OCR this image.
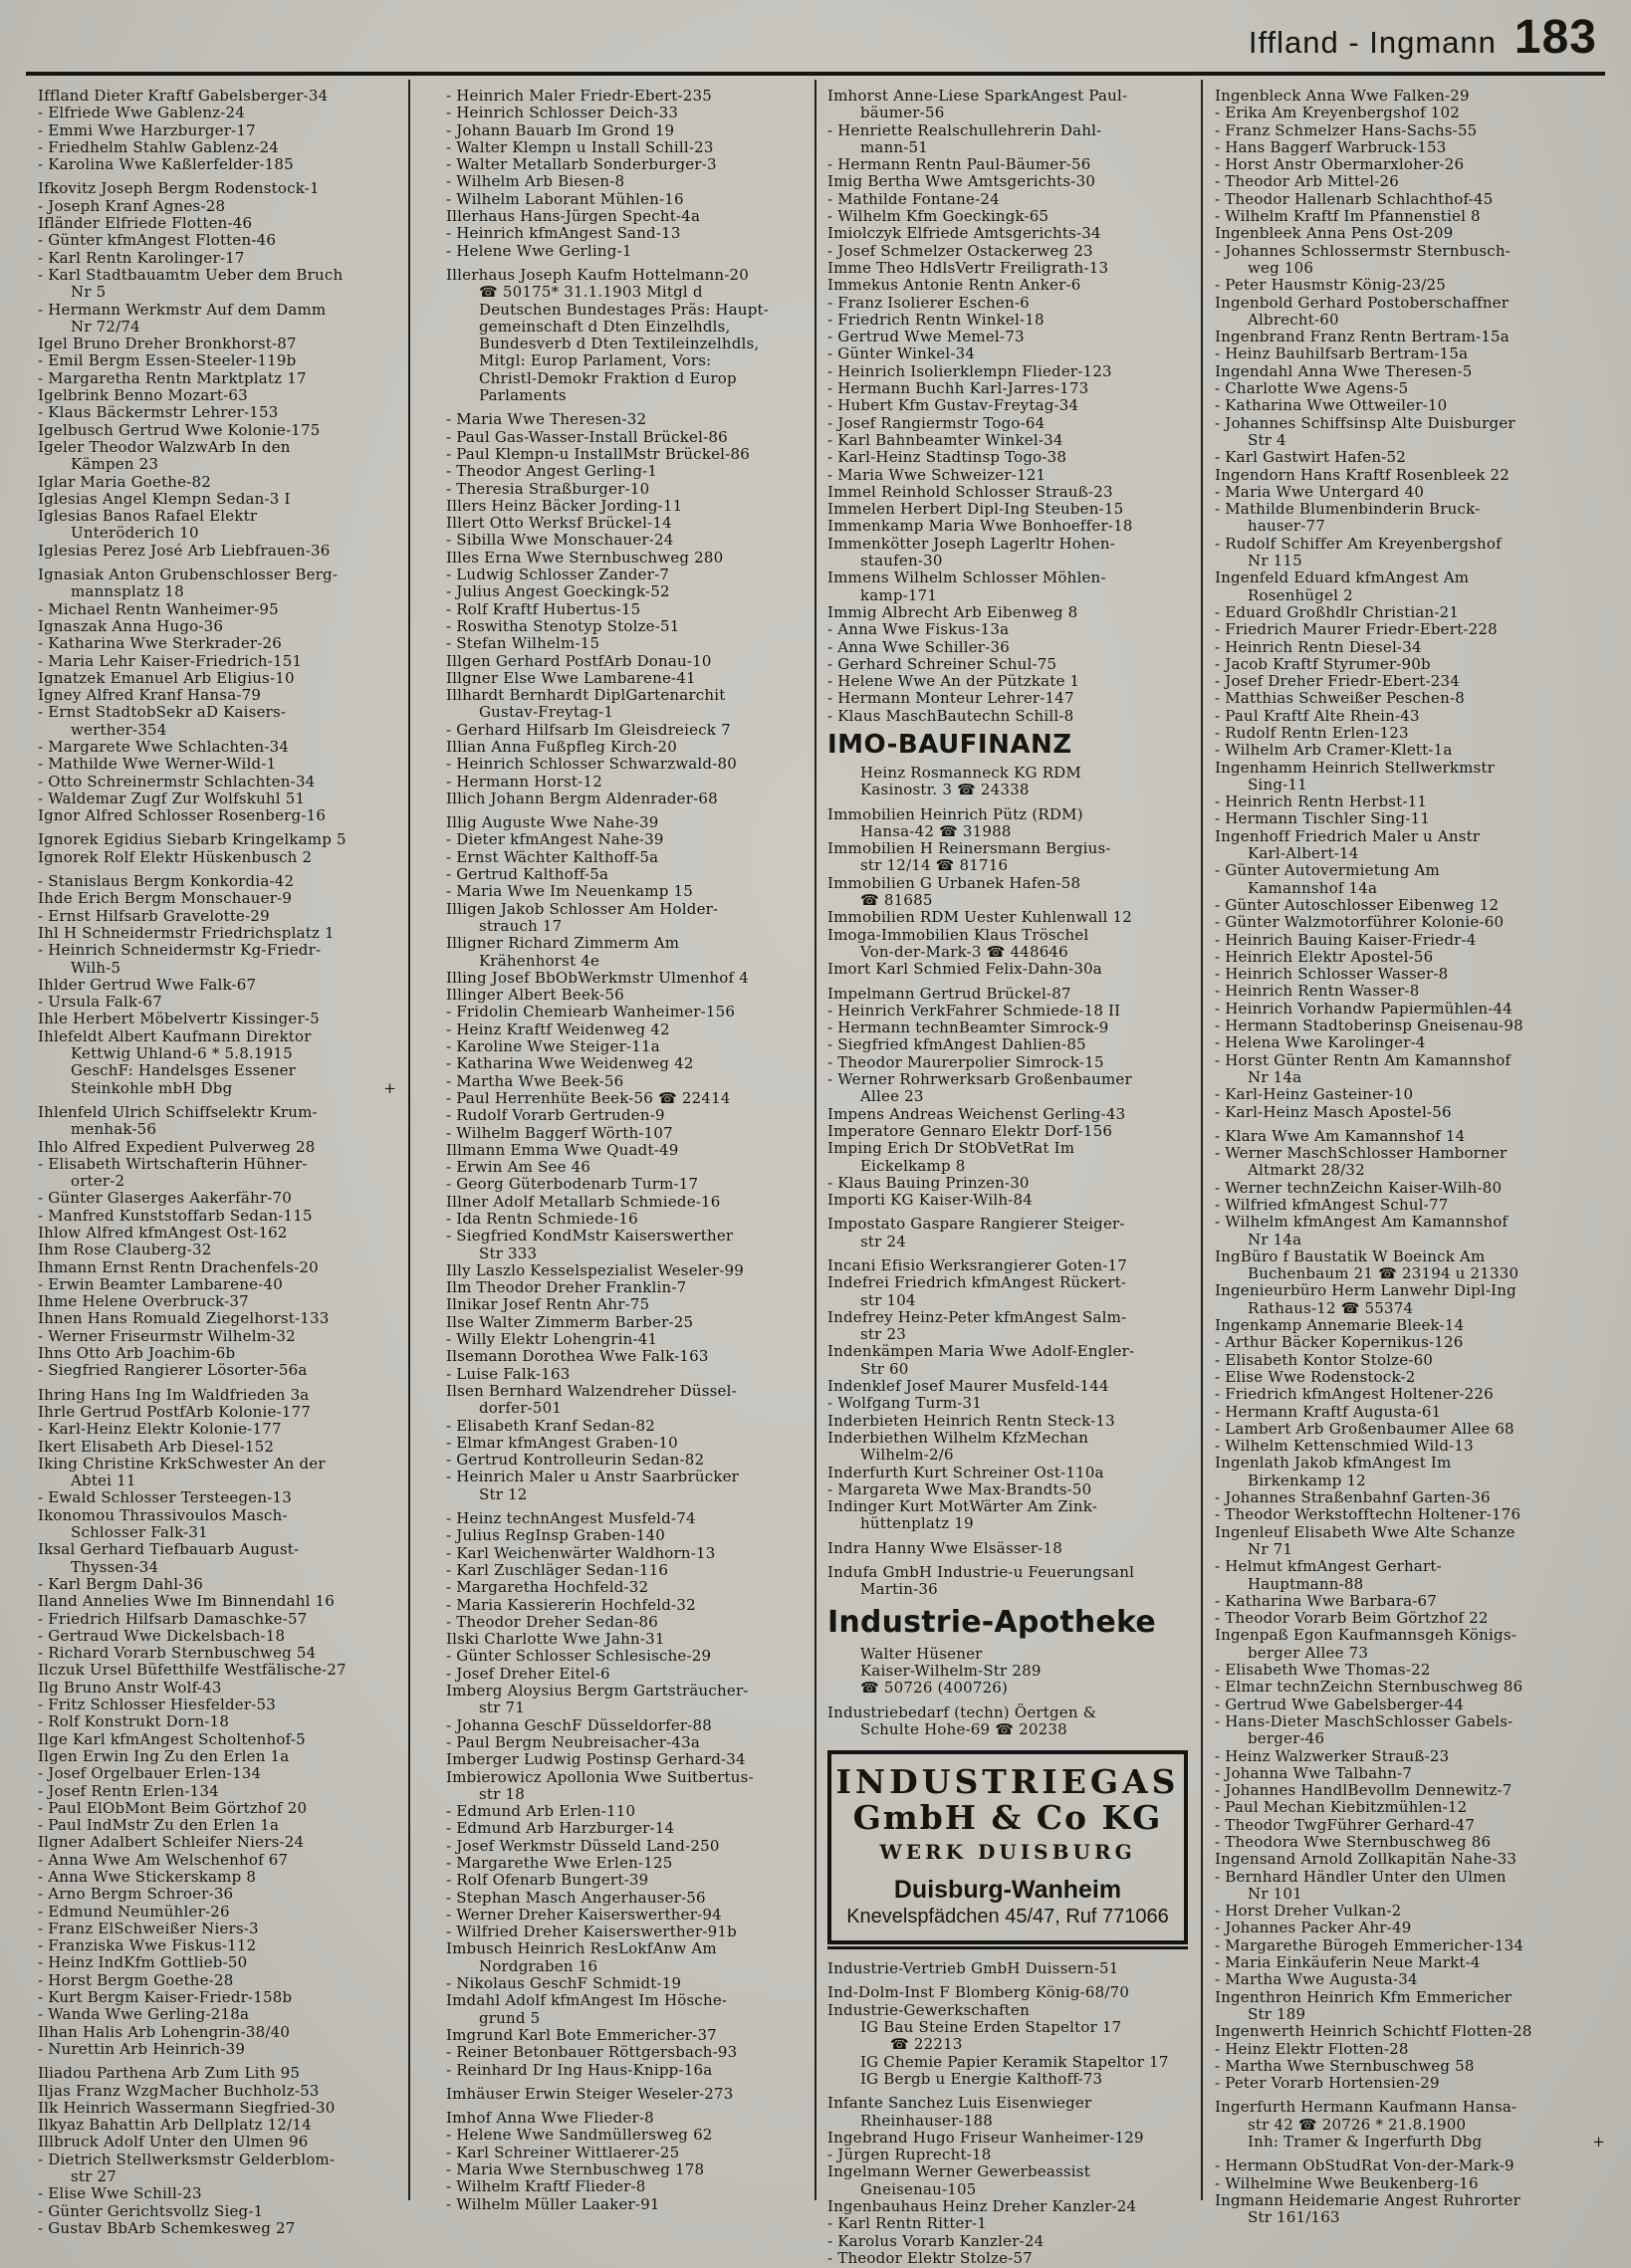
Iffland - Ingmann 183
Iffland Dieter Kraftf Gabelsberger-34
- Elfriede Wwe Gablenz-24
- Emmi Wwe Harzburger-17
- Friedhelm Stahlw Gablenz-24
- Karolina Wwe Kaßlerfelder-185
Ifkovitz Joseph Bergm Rodenstock-1
- Joseph Kranf Agnes-28
Ifländer Elfriede Flotten-46
- Günter kfmAngest Flotten-46
- Karl Rentn Karolinger-17
- Karl Stadtbauamtm Ueber dem Bruch
Nr 5
- Hermann Werkmstr Auf dem Damm
Nr 72/74
Igel Bruno Dreher Bronkhorst-87
- Emil Bergm Essen-Steeler-119b
- Margaretha Rentn Marktplatz 17
Igelbrink Benno Mozart-63
- Klaus Bäckermstr Lehrer-153
Igelbusch Gertrud Wwe Kolonie-175
Igeler Theodor WalzwArb In den
Kämpen 23
Iglar Maria Goethe-82
Iglesias Angel Klempn Sedan-3 I
Iglesias Banos Rafael Elektr
Unteröderich 10
Iglesias Perez José Arb Liebfrauen-36
Ignasiak Anton Grubenschlosser Berg-
mannsplatz 18
- Michael Rentn Wanheimer-95
Ignaszak Anna Hugo-36
- Katharina Wwe Sterkrader-26
- Maria Lehr Kaiser-Friedrich-151
Ignatzek Emanuel Arb Eligius-10
Igney Alfred Kranf Hansa-79
- Ernst StadtobSekr aD Kaisers-
werther-354
- Margarete Wwe Schlachten-34
- Mathilde Wwe Werner-Wild-1
- Otto Schreinermstr Schlachten-34
- Waldemar Zugf Zur Wolfskuhl 51
Ignor Alfred Schlosser Rosenberg-16
Ignorek Egidius Siebarb Kringelkamp 5
Ignorek Rolf Elektr Hüskenbusch 2
- Stanislaus Bergm Konkordia-42
Ihde Erich Bergm Monschauer-9
- Ernst Hilfsarb Gravelotte-29
Ihl H Schneidermstr Friedrichsplatz 1
- Heinrich Schneidermstr Kg-Friedr-
Wilh-5
Ihlder Gertrud Wwe Falk-67
- Ursula Falk-67
Ihle Herbert Möbelvertr Kissinger-5
Ihlefeldt Albert Kaufmann Direktor
Kettwig Uhland-6 * 5.8.1915
GeschF: Handelsges Essener
Steinkohle mbH Dbg	+
Ihlenfeld Ulrich Schiffselektr Krum-
menhak-56
Ihlo Alfred Expedient Pulverweg 28
- Elisabeth Wirtschafterin Hühner-
orter-2
- Günter Glaserges Aakerfähr-70
- Manfred Kunststoffarb Sedan-115
Ihlow Alfred kfmAngest Ost-162
Ihm Rose Clauberg-32
Ihmann Ernst Rentn Drachenfels-20
- Erwin Beamter Lambarene-40
Ihme Helene Overbruck-37
Ihnen Hans Romuald Ziegelhorst-133
- Werner Friseurmstr Wilhelm-32
Ihns Otto Arb Joachim-6b
- Siegfried Rangierer Lösorter-56a
Ihring Hans Ing Im Waldfrieden 3a
Ihrle Gertrud PostfArb Kolonie-177
- Karl-Heinz Elektr Kolonie-177
Ikert Elisabeth Arb Diesel-152
Iking Christine KrkSchwester An der
Abtei 11
- Ewald Schlosser Tersteegen-13
Ikonomou Thrassivoulos Masch-
Schlosser Falk-31
Iksal Gerhard Tiefbauarb August-
Thyssen-34
- Karl Bergm Dahl-36
Iland Annelies Wwe Im Binnendahl 16
- Friedrich Hilfsarb Damaschke-57
- Gertraud Wwe Dickelsbach-18
- Richard Vorarb Sternbuschweg 54
Ilczuk Ursel Büfetthilfe Westfälische-27
Ilg Bruno Anstr Wolf-43
- Fritz Schlosser Hiesfelder-53
- Rolf Konstrukt Dorn-18
Ilge Karl kfmAngest Scholtenhof-5
Ilgen Erwin Ing Zu den Erlen 1a
- Josef Orgelbauer Erlen-134
- Josef Rentn Erlen-134
- Paul ElObMont Beim Görtzhof 20
- Paul IndMstr Zu den Erlen 1a
Ilgner Adalbert Schleifer Niers-24
- Anna Wwe Am Welschenhof 67
- Anna Wwe Stickerskamp 8
- Arno Bergm Schroer-36
- Edmund Neumühler-26
- Franz ElSchweißer Niers-3
- Franziska Wwe Fiskus-112
- Heinz IndKfm Gottlieb-50
- Horst Bergm Goethe-28
- Kurt Bergm Kaiser-Friedr-158b
- Wanda Wwe Gerling-218a
Ilhan Halis Arb Lohengrin-38/40
- Nurettin Arb Heinrich-39
Iliadou Parthena Arb Zum Lith 95
Iljas Franz WzgMacher Buchholz-53
Ilk Heinrich Wassermann Siegfried-30
Ilkyaz Bahattin Arb Dellplatz 12/14
Illbruck Adolf Unter den Ulmen 96
- Dietrich Stellwerksmstr Gelderblom-
str 27
- Elise Wwe Schill-23
- Günter Gerichtsvollz Sieg-1
- Gustav BbArb Schemkesweg 27
- Heinrich Maler Friedr-Ebert-235
- Heinrich Schlosser Deich-33
- Johann Bauarb Im Grond 19
- Walter Klempn u Install Schill-23
- Walter Metallarb Sonderburger-3
- Wilhelm Arb Biesen-8
- Wilhelm Laborant Mühlen-16
Illerhaus Hans-Jürgen Specht-4a
- Heinrich kfmAngest Sand-13
- Helene Wwe Gerling-1
Illerhaus Joseph Kaufm Hottelmann-20
☎ 50175* 31.1.1903 Mitgl d
Deutschen Bundestages Präs: Haupt-
gemeinschaft d Dten Einzelhdls,
Bundesverb d Dten Textileinzelhdls,
Mitgl: Europ Parlament, Vors:
Christl-Demokr Fraktion d Europ
Parlaments
- Maria Wwe Theresen-32
- Paul Gas-Wasser-Install Brückel-86
- Paul Klempn-u InstallMstr Brückel-86
- Theodor Angest Gerling-1
- Theresia Straßburger-10
Illers Heinz Bäcker Jording-11
Illert Otto Werksf Brückel-14
- Sibilla Wwe Monschauer-24
Illes Erna Wwe Sternbuschweg 280
- Ludwig Schlosser Zander-7
- Julius Angest Goeckingk-52
- Rolf Kraftf Hubertus-15
- Roswitha Stenotyp Stolze-51
- Stefan Wilhelm-15
Illgen Gerhard PostfArb Donau-10
Illgner Else Wwe Lambarene-41
Illhardt Bernhardt DiplGartenarchit
Gustav-Freytag-1
- Gerhard Hilfsarb Im Gleisdreieck 7
Illian Anna Fußpfleg Kirch-20
- Heinrich Schlosser Schwarzwald-80
- Hermann Horst-12
Illich Johann Bergm Aldenrader-68
Illig Auguste Wwe Nahe-39
- Dieter kfmAngest Nahe-39
- Ernst Wächter Kalthoff-5a
- Gertrud Kalthoff-5a
- Maria Wwe Im Neuenkamp 15
Illigen Jakob Schlosser Am Holder-
strauch 17
Illigner Richard Zimmerm Am
Krähenhorst 4e
Illing Josef BbObWerkmstr Ulmenhof 4
Illinger Albert Beek-56
- Fridolin Chemiearb Wanheimer-156
- Heinz Kraftf Weidenweg 42
- Karoline Wwe Steiger-11a
- Katharina Wwe Weidenweg 42
- Martha Wwe Beek-56
- Paul Herrenhüte Beek-56 ☎ 22414
- Rudolf Vorarb Gertruden-9
- Wilhelm Baggerf Wörth-107
Illmann Emma Wwe Quadt-49
- Erwin Am See 46
- Georg Güterbodenarb Turm-17
Illner Adolf Metallarb Schmiede-16
- Ida Rentn Schmiede-16
- Siegfried KondMstr Kaiserswerther
Str 333
Illy Laszlo Kesselspezialist Weseler-99
Ilm Theodor Dreher Franklin-7
Ilnikar Josef Rentn Ahr-75
Ilse Walter Zimmerm Barber-25
- Willy Elektr Lohengrin-41
Ilsemann Dorothea Wwe Falk-163
- Luise Falk-163
Ilsen Bernhard Walzendreher Düssel-
dorfer-501
- Elisabeth Kranf Sedan-82
- Elmar kfmAngest Graben-10
- Gertrud Kontrolleurin Sedan-82
- Heinrich Maler u Anstr Saarbrücker
Str 12
- Heinz technAngest Musfeld-74
- Julius RegInsp Graben-140
- Karl Weichenwärter Waldhorn-13
- Karl Zuschläger Sedan-116
- Margaretha Hochfeld-32
- Maria Kassiererin Hochfeld-32
- Theodor Dreher Sedan-86
Ilski Charlotte Wwe Jahn-31
- Günter Schlosser Schlesische-29
- Josef Dreher Eitel-6
Imberg Aloysius Bergm Gartsträucher-
str 71
- Johanna GeschF Düsseldorfer-88
- Paul Bergm Neubreisacher-43a
Imberger Ludwig Postinsp Gerhard-34
Imbierowicz Apollonia Wwe Suitbertus-
str 18
- Edmund Arb Erlen-110
- Edmund Arb Harzburger-14
- Josef Werkmstr Düsseld Land-250
- Margarethe Wwe Erlen-125
- Rolf Ofenarb Bungert-39
- Stephan Masch Angerhauser-56
- Werner Dreher Kaiserswerther-94
- Wilfried Dreher Kaiserswerther-91b
Imbusch Heinrich ResLokfAnw Am
Nordgraben 16
- Nikolaus GeschF Schmidt-19
Imdahl Adolf kfmAngest Im Hösche-
grund 5
Imgrund Karl Bote Emmericher-37
- Reiner Betonbauer Röttgersbach-93
- Reinhard Dr Ing Haus-Knipp-16a
Imhäuser Erwin Steiger Weseler-273
Imhof Anna Wwe Flieder-8
- Helene Wwe Sandmüllersweg 62
- Karl Schreiner Wittlaerer-25
- Maria Wwe Sternbuschweg 178
- Wilhelm Kraftf Flieder-8
- Wilhelm Müller Laaker-91
Imhorst Anne-Liese SparkAngest Paul-
bäumer-56
- Henriette Realschullehrerin Dahl-
mann-51
- Hermann Rentn Paul-Bäumer-56
Imig Bertha Wwe Amtsgerichts-30
- Mathilde Fontane-24
- Wilhelm Kfm Goeckingk-65
Imiolczyk Elfriede Amtsgerichts-34
- Josef Schmelzer Ostackerweg 23
Imme Theo HdlsVertr Freiligrath-13
Immekus Antonie Rentn Anker-6
- Franz Isolierer Eschen-6
- Friedrich Rentn Winkel-18
- Gertrud Wwe Memel-73
- Günter Winkel-34
- Heinrich Isolierklempn Flieder-123
- Hermann Buchh Karl-Jarres-173
- Hubert Kfm Gustav-Freytag-34
- Josef Rangiermstr Togo-64
- Karl Bahnbeamter Winkel-34
- Karl-Heinz Stadtinsp Togo-38
- Maria Wwe Schweizer-121
Immel Reinhold Schlosser Strauß-23
Immelen Herbert Dipl-Ing Steuben-15
Immenkamp Maria Wwe Bonhoeffer-18
Immenkötter Joseph Lagerltr Hohen-
staufen-30
Immens Wilhelm Schlosser Möhlen-
kamp-171
Immig Albrecht Arb Eibenweg 8
- Anna Wwe Fiskus-13a
- Anna Wwe Schiller-36
- Gerhard Schreiner Schul-75
- Helene Wwe An der Pützkate 1
- Hermann Monteur Lehrer-147
- Klaus MaschBautechn Schill-8
IMO-BAUFINANZ
Heinz Rosmanneck KG RDM
Kasinostr. 3 ☎ 24338
Immobilien Heinrich Pütz (RDM)
Hansa-42 ☎ 31988
Immobilien H Reinersmann Bergius-
str 12/14 ☎ 81716
Immobilien G Urbanek Hafen-58
☎ 81685
Immobilien RDM Uester Kuhlenwall 12
Imoga-Immobilien Klaus Tröschel
Von-der-Mark-3 ☎ 448646
Imort Karl Schmied Felix-Dahn-30a
Impelmann Gertrud Brückel-87
- Heinrich VerkFahrer Schmiede-18 II
- Hermann technBeamter Simrock-9
- Siegfried kfmAngest Dahlien-85
- Theodor Maurerpolier Simrock-15
- Werner Rohrwerksarb Großenbaumer
Allee 23
Impens Andreas Weichenst Gerling-43
Imperatore Gennaro Elektr Dorf-156
Imping Erich Dr StObVetRat Im
Eickelkamp 8
- Klaus Bauing Prinzen-30
Importi KG Kaiser-Wilh-84
Impostato Gaspare Rangierer Steiger-
str 24
Incani Efisio Werksrangierer Goten-17
Indefrei Friedrich kfmAngest Rückert-
str 104
Indefrey Heinz-Peter kfmAngest Salm-
str 23
Indenkämpen Maria Wwe Adolf-Engler-
Str 60
Indenklef Josef Maurer Musfeld-144
- Wolfgang Turm-31
Inderbieten Heinrich Rentn Steck-13
Inderbiethen Wilhelm KfzMechan
Wilhelm-2/6
Inderfurth Kurt Schreiner Ost-110a
- Margareta Wwe Max-Brandts-50
Indinger Kurt MotWärter Am Zink-
hüttenplatz 19
Indra Hanny Wwe Elsässer-18
Indufa GmbH Industrie-u Feuerungsanl
Martin-36
Industrie-Apotheke
Walter Hüsener
Kaiser-Wilhelm-Str 289
☎ 50726 (400726)
Industriebedarf (techn) Öertgen &
Schulte Hohe-69 ☎ 20238
INDUSTRIEGAS
GmbH & Co KG
WERK DUISBURG
Duisburg-Wanheim
Knevelspfädchen 45/47, Ruf 771066
Industrie-Vertrieb GmbH Duissern-51
Ind-Dolm-Inst F Blomberg König-68/70
Industrie-Gewerkschaften
IG Bau Steine Erden Stapeltor 17
☎ 22213
IG Chemie Papier Keramik Stapeltor 17
IG Bergb u Energie Kalthoff-73
Infante Sanchez Luis Eisenwieger
Rheinhauser-188
Ingebrand Hugo Friseur Wanheimer-129
- Jürgen Ruprecht-18
Ingelmann Werner Gewerbeassist
Gneisenau-105
Ingenbauhaus Heinz Dreher Kanzler-24
- Karl Rentn Ritter-1
- Karolus Vorarb Kanzler-24
- Theodor Elektr Stolze-57
Ingenbleck Anna Wwe Falken-29
- Erika Am Kreyenbergshof 102
- Franz Schmelzer Hans-Sachs-55
- Hans Baggerf Warbruck-153
- Horst Anstr Obermarxloher-26
- Theodor Arb Mittel-26
- Theodor Hallenarb Schlachthof-45
- Wilhelm Kraftf Im Pfannenstiel 8
Ingenbleek Anna Pens Ost-209
- Johannes Schlossermstr Sternbusch-
weg 106
- Peter Hausmstr König-23/25
Ingenbold Gerhard Postoberschaffner
Albrecht-60
Ingenbrand Franz Rentn Bertram-15a
- Heinz Bauhilfsarb Bertram-15a
Ingendahl Anna Wwe Theresen-5
- Charlotte Wwe Agens-5
- Katharina Wwe Ottweiler-10
- Johannes Schiffsinsp Alte Duisburger
Str 4
- Karl Gastwirt Hafen-52
Ingendorn Hans Kraftf Rosenbleek 22
- Maria Wwe Untergard 40
- Mathilde Blumenbinderin Bruck-
hauser-77
- Rudolf Schiffer Am Kreyenbergshof
Nr 115
Ingenfeld Eduard kfmAngest Am
Rosenhügel 2
- Eduard Großhdlr Christian-21
- Friedrich Maurer Friedr-Ebert-228
- Heinrich Rentn Diesel-34
- Jacob Kraftf Styrumer-90b
- Josef Dreher Friedr-Ebert-234
- Matthias Schweißer Peschen-8
- Paul Kraftf Alte Rhein-43
- Rudolf Rentn Erlen-123
- Wilhelm Arb Cramer-Klett-1a
Ingenhamm Heinrich Stellwerkmstr
Sing-11
- Heinrich Rentn Herbst-11
- Hermann Tischler Sing-11
Ingenhoff Friedrich Maler u Anstr
Karl-Albert-14
- Günter Autovermietung Am
Kamannshof 14a
- Günter Autoschlosser Eibenweg 12
- Günter Walzmotorführer Kolonie-60
- Heinrich Bauing Kaiser-Friedr-4
- Heinrich Elektr Apostel-56
- Heinrich Schlosser Wasser-8
- Heinrich Rentn Wasser-8
- Heinrich Vorhandw Papiermühlen-44
- Hermann Stadtoberinsp Gneisenau-98
- Helena Wwe Karolinger-4
- Horst Günter Rentn Am Kamannshof
Nr 14a
- Karl-Heinz Gasteiner-10
- Karl-Heinz Masch Apostel-56
- Klara Wwe Am Kamannshof 14
- Werner MaschSchlosser Hamborner
Altmarkt 28/32
- Werner technZeichn Kaiser-Wilh-80
- Wilfried kfmAngest Schul-77
- Wilhelm kfmAngest Am Kamannshof
Nr 14a
IngBüro f Baustatik W Boeinck Am
Buchenbaum 21 ☎ 23194 u 21330
Ingenieurbüro Herm Lanwehr Dipl-Ing
Rathaus-12 ☎ 55374
Ingenkamp Annemarie Bleek-14
- Arthur Bäcker Kopernikus-126
- Elisabeth Kontor Stolze-60
- Elise Wwe Rodenstock-2
- Friedrich kfmAngest Holtener-226
- Hermann Kraftf Augusta-61
- Lambert Arb Großenbaumer Allee 68
- Wilhelm Kettenschmied Wild-13
Ingenlath Jakob kfmAngest Im
Birkenkamp 12
- Johannes Straßenbahnf Garten-36
- Theodor Werkstofftechn Holtener-176
Ingenleuf Elisabeth Wwe Alte Schanze
Nr 71
- Helmut kfmAngest Gerhart-
Hauptmann-88
- Katharina Wwe Barbara-67
- Theodor Vorarb Beim Görtzhof 22
Ingenpaß Egon Kaufmannsgeh Königs-
berger Allee 73
- Elisabeth Wwe Thomas-22
- Elmar technZeichn Sternbuschweg 86
- Gertrud Wwe Gabelsberger-44
- Hans-Dieter MaschSchlosser Gabels-
berger-46
- Heinz Walzwerker Strauß-23
- Johanna Wwe Talbahn-7
- Johannes HandlBevollm Dennewitz-7
- Paul Mechan Kiebitzmühlen-12
- Theodor TwgFührer Gerhard-47
- Theodora Wwe Sternbuschweg 86
Ingensand Arnold Zollkapitän Nahe-33
- Bernhard Händler Unter den Ulmen
Nr 101
- Horst Dreher Vulkan-2
- Johannes Packer Ahr-49
- Margarethe Bürogeh Emmericher-134
- Maria Einkäuferin Neue Markt-4
- Martha Wwe Augusta-34
Ingenthron Heinrich Kfm Emmericher
Str 189
Ingenwerth Heinrich Schichtf Flotten-28
- Heinz Elektr Flotten-28
- Martha Wwe Sternbuschweg 58
- Peter Vorarb Hortensien-29
Ingerfurth Hermann Kaufmann Hansa-
str 42 ☎ 20726 * 21.8.1900
Inh: Tramer & Ingerfurth Dbg	+
- Hermann ObStudRat Von-der-Mark-9
- Wilhelmine Wwe Beukenberg-16
Ingmann Heidemarie Angest Ruhrorter
Str 161/163
